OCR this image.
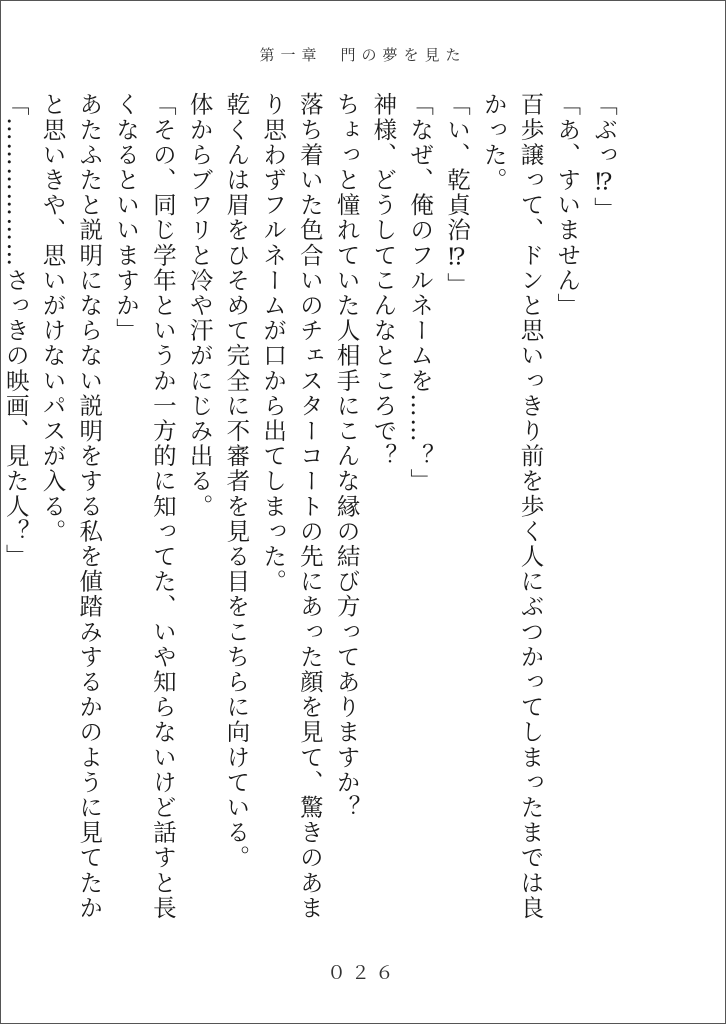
第一章 門の夢を見た

「ぶっ⁉」

「あ、すいません」

百歩譲って、ドンと思いっきり前を歩く人にぶつかってしまったまでは良かった。

「い、乾貞治⁉」

「なぜ、俺のフルネームを……？」

神様、どうしてこんなところで？

ちょっと憧れていた人相手にこんな縁の結び方ってありますか？

落ち着いた色合いのチェスターコートの先にあった顔を見て、驚きのあまり思わずフルネームが口から出てしまった。

乾くんは眉をひそめて完全に不審者を見る目をこちらに向けている。

体からブワリと冷や汗がにじみ出る。

「その、同じ学年というか一方的に知ってた、いや知らないけど話すと長くなるといいますか」

あたふたと説明にならない説明をする私を値踏みするかのように見てたかと思いきや、思いがけないパスが入る。

「………………さっきの映画、見た人？」

０２６
